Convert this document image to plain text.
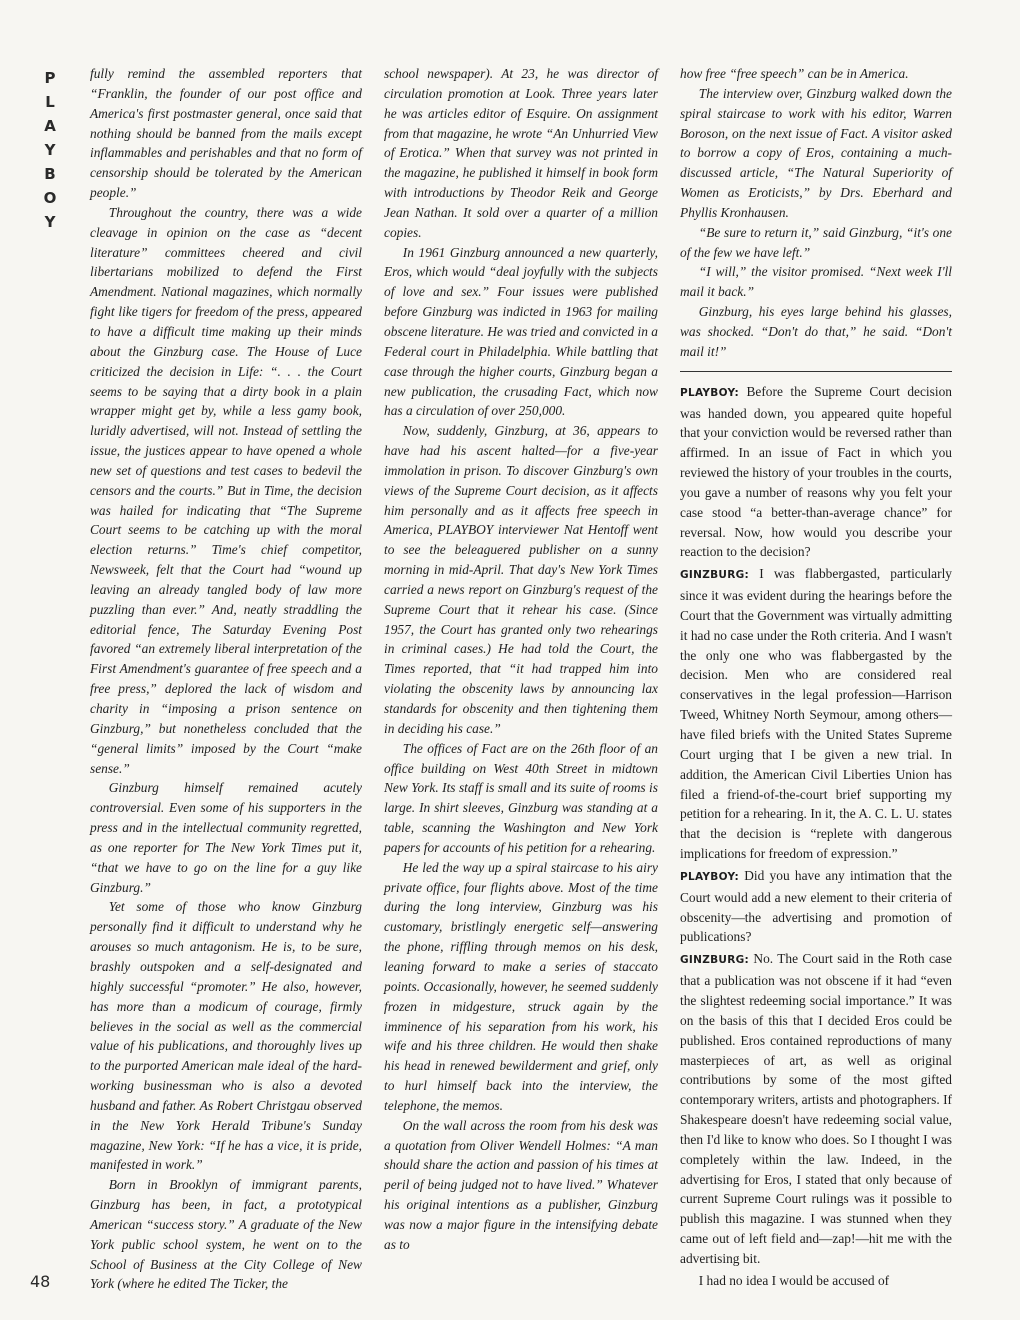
P
L
A
Y
B
O
Y
48

fully remind the assembled reporters that “Franklin, the founder of our post office and America's first postmaster general, once said that nothing should be banned from the mails except inflammables and perishables and that no form of censorship should be tolerated by the American people.”

Throughout the country, there was a wide cleavage in opinion on the case as “decent literature” committees cheered and civil libertarians mobilized to defend the First Amendment. National magazines, which normally fight like tigers for freedom of the press, appeared to have a difficult time making up their minds about the Ginzburg case. The House of Luce criticized the decision in Life: “. . . the Court seems to be saying that a dirty book in a plain wrapper might get by, while a less gamy book, luridly advertised, will not. Instead of settling the issue, the justices appear to have opened a whole new set of questions and test cases to bedevil the censors and the courts.” But in Time, the decision was hailed for indicating that “The Supreme Court seems to be catching up with the moral election returns.” Time's chief competitor, Newsweek, felt that the Court had “wound up leaving an already tangled body of law more puzzling than ever.” And, neatly straddling the editorial fence, The Saturday Evening Post favored “an extremely liberal interpretation of the First Amendment's guarantee of free speech and a free press,” deplored the lack of wisdom and charity in “imposing a prison sentence on Ginzburg,” but nonetheless concluded that the “general limits” imposed by the Court “make sense.”

Ginzburg himself remained acutely controversial. Even some of his supporters in the press and in the intellectual community regretted, as one reporter for The New York Times put it, “that we have to go on the line for a guy like Ginzburg.”

Yet some of those who know Ginzburg personally find it difficult to understand why he arouses so much antagonism. He is, to be sure, brashly outspoken and a self-designated and highly successful “promoter.” He also, however, has more than a modicum of courage, firmly believes in the social as well as the commercial value of his publications, and thoroughly lives up to the purported American male ideal of the hard-working businessman who is also a devoted husband and father. As Robert Christgau observed in the New York Herald Tribune's Sunday magazine, New York: “If he has a vice, it is pride, manifested in work.”

Born in Brooklyn of immigrant parents, Ginzburg has been, in fact, a prototypical American “success story.” A graduate of the New York public school system, he went on to the School of Business at the City College of New York (where he edited The Ticker, the

school newspaper). At 23, he was director of circulation promotion at Look. Three years later he was articles editor of Esquire. On assignment from that magazine, he wrote “An Unhurried View of Erotica.” When that survey was not printed in the magazine, he published it himself in book form with introductions by Theodor Reik and George Jean Nathan. It sold over a quarter of a million copies.

In 1961 Ginzburg announced a new quarterly, Eros, which would “deal joyfully with the subjects of love and sex.” Four issues were published before Ginzburg was indicted in 1963 for mailing obscene literature. He was tried and convicted in a Federal court in Philadelphia. While battling that case through the higher courts, Ginzburg began a new publication, the crusading Fact, which now has a circulation of over 250,000.

Now, suddenly, Ginzburg, at 36, appears to have had his ascent halted—for a five-year immolation in prison. To discover Ginzburg's own views of the Supreme Court decision, as it affects him personally and as it affects free speech in America, PLAYBOY interviewer Nat Hentoff went to see the beleaguered publisher on a sunny morning in mid-April. That day's New York Times carried a news report on Ginzburg's request of the Supreme Court that it rehear his case. (Since 1957, the Court has granted only two rehearings in criminal cases.) He had told the Court, the Times reported, that “it had trapped him into violating the obscenity laws by announcing lax standards for obscenity and then tightening them in deciding his case.”

The offices of Fact are on the 26th floor of an office building on West 40th Street in midtown New York. Its staff is small and its suite of rooms is large. In shirt sleeves, Ginzburg was standing at a table, scanning the Washington and New York papers for accounts of his petition for a rehearing.

He led the way up a spiral staircase to his airy private office, four flights above. Most of the time during the long interview, Ginzburg was his customary, bristlingly energetic self—answering the phone, riffling through memos on his desk, leaning forward to make a series of staccato points. Occasionally, however, he seemed suddenly frozen in midgesture, struck again by the imminence of his separation from his work, his wife and his three children. He would then shake his head in renewed bewilderment and grief, only to hurl himself back into the interview, the telephone, the memos.

On the wall across the room from his desk was a quotation from Oliver Wendell Holmes: “A man should share the action and passion of his times at peril of being judged not to have lived.” Whatever his original intentions as a publisher, Ginzburg was now a major figure in the intensifying debate as to

how free “free speech” can be in America.

The interview over, Ginzburg walked down the spiral staircase to work with his editor, Warren Boroson, on the next issue of Fact. A visitor asked to borrow a copy of Eros, containing a much-discussed article, “The Natural Superiority of Women as Eroticists,” by Drs. Eberhard and Phyllis Kronhausen.

“Be sure to return it,” said Ginzburg, “it's one of the few we have left.”

“I will,” the visitor promised. “Next week I'll mail it back.”

Ginzburg, his eyes large behind his glasses, was shocked. “Don't do that,” he said. “Don't mail it!”

PLAYBOY: Before the Supreme Court decision was handed down, you appeared quite hopeful that your conviction would be reversed rather than affirmed. In an issue of Fact in which you reviewed the history of your troubles in the courts, you gave a number of reasons why you felt your case stood “a better-than-average chance” for reversal. Now, how would you describe your reaction to the decision?

GINZBURG: I was flabbergasted, particularly since it was evident during the hearings before the Court that the Government was virtually admitting it had no case under the Roth criteria. And I wasn't the only one who was flabbergasted by the decision. Men who are considered real conservatives in the legal profession—Harrison Tweed, Whitney North Seymour, among others—have filed briefs with the United States Supreme Court urging that I be given a new trial. In addition, the American Civil Liberties Union has filed a friend-of-the-court brief supporting my petition for a rehearing. In it, the A. C. L. U. states that the decision is “replete with dangerous implications for freedom of expression.”

PLAYBOY: Did you have any intimation that the Court would add a new element to their criteria of obscenity—the advertising and promotion of publications?

GINZBURG: No. The Court said in the Roth case that a publication was not obscene if it had “even the slightest redeeming social importance.” It was on the basis of this that I decided Eros could be published. Eros contained reproductions of many masterpieces of art, as well as original contributions by some of the most gifted contemporary writers, artists and photographers. If Shakespeare doesn't have redeeming social value, then I'd like to know who does. So I thought I was completely within the law. Indeed, in the advertising for Eros, I stated that only because of current Supreme Court rulings was it possible to publish this magazine. I was stunned when they came out of left field and—zap!—hit me with the advertising bit.

I had no idea I would be accused of
